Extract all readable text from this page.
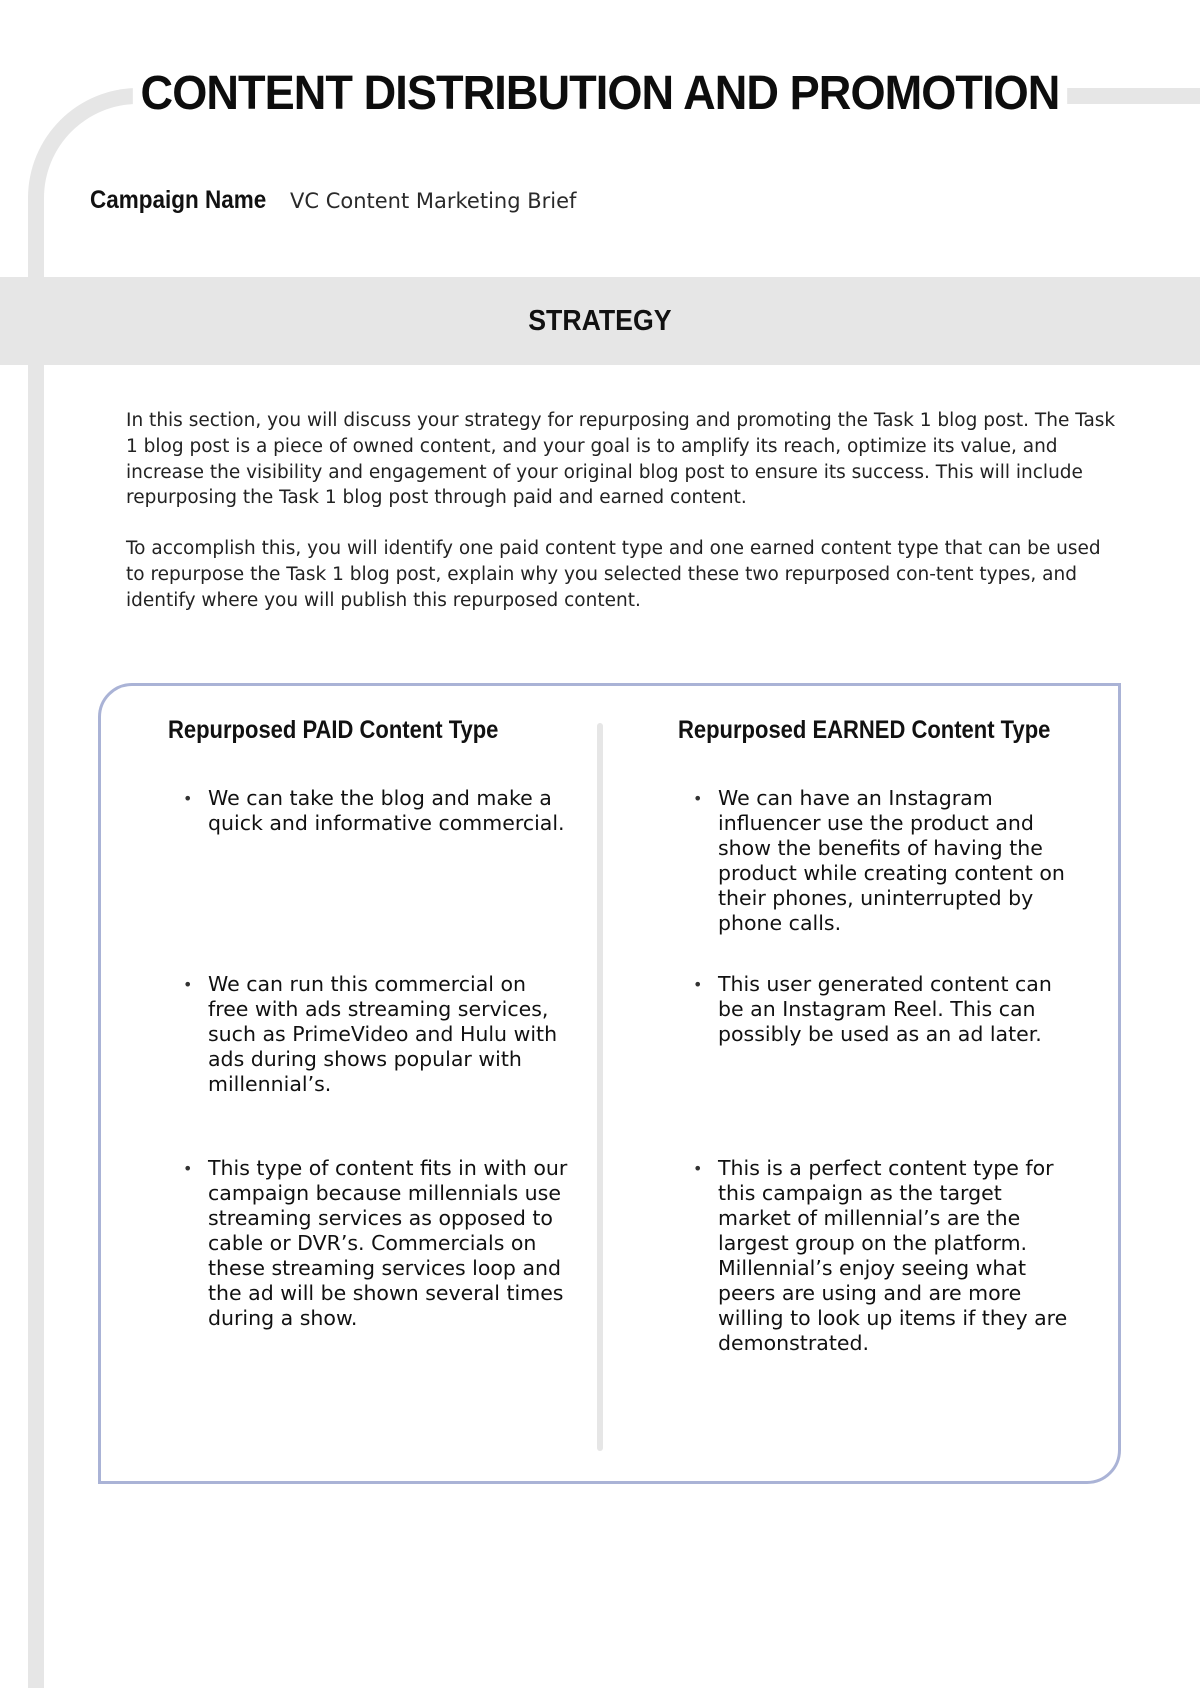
CONTENT DISTRIBUTION AND PROMOTION
Campaign Name VC Content Marketing Brief
STRATEGY

In this section, you will discuss your strategy for repurposing and promoting the Task 1 blog post. The Task 1 blog post is a piece of owned content, and your goal is to amplify its reach, optimize its value, and increase the visibility and engagement of your original blog post to ensure its success. This will include repurposing the Task 1 blog post through paid and earned content.

To accomplish this, you will identify one paid content type and one earned content type that can be used to repurpose the Task 1 blog post, explain why you selected these two repurposed con-tent types, and identify where you will publish this repurposed content.

Repurposed PAID Content Type
• We can take the blog and make a quick and informative commercial.
• We can run this commercial on free with ads streaming services, such as PrimeVideo and Hulu with ads during shows popular with millennial’s.
• This type of content fits in with our campaign because millennials use streaming services as opposed to cable or DVR’s. Commercials on these streaming services loop and the ad will be shown several times during a show.
Repurposed EARNED Content Type
• We can have an Instagram influencer use the product and show the benefits of having the product while creating content on their phones, uninterrupted by phone calls.
• This user generated content can be an Instagram Reel. This can possibly be used as an ad later.
• This is a perfect content type for this campaign as the target market of millennial’s are the largest group on the platform. Millennial’s enjoy seeing what peers are using and are more willing to look up items if they are demonstrated.
